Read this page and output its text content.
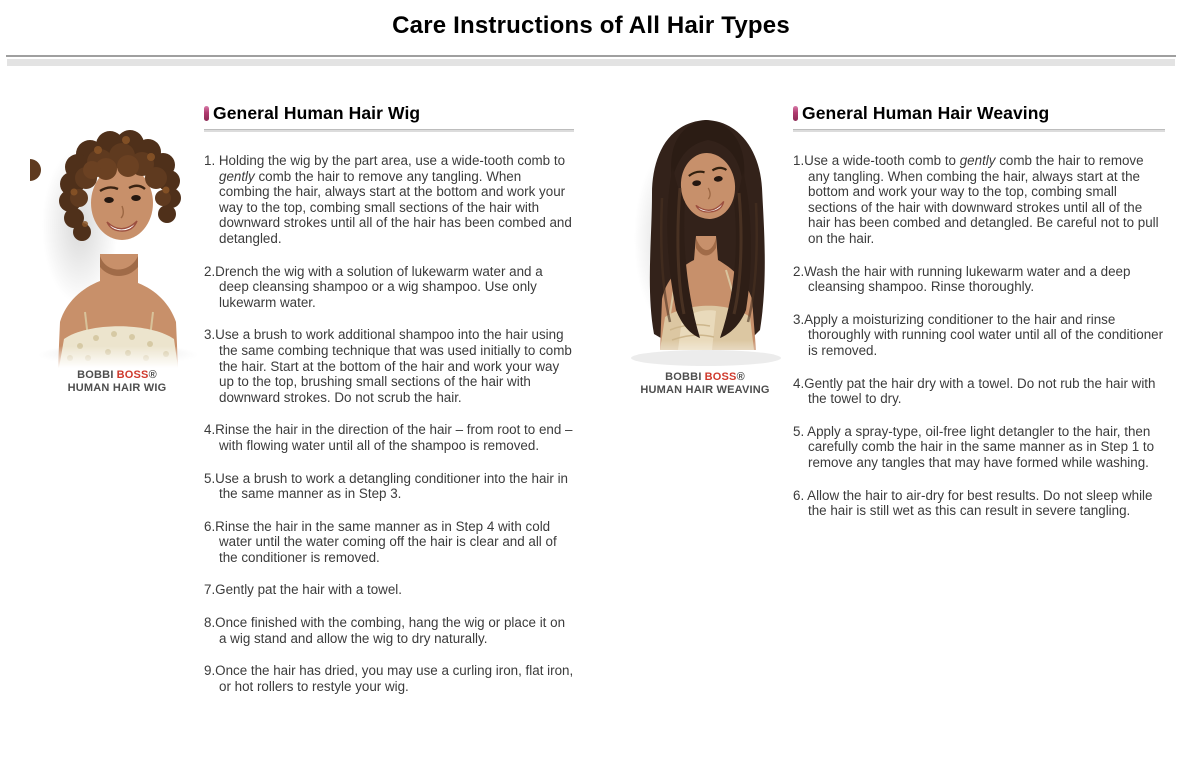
Care Instructions of All Hair Types
BOBBI BOSS®
HUMAN HAIR WIG
General Human Hair Wig
1. Holding the wig by the part area, use a wide-tooth comb to gently comb the hair to remove any tangling. When combing the hair, always start at the bottom and work your way to the top, combing small sections of the hair with downward strokes until all of the hair has been combed and detangled.
2.Drench the wig with a solution of lukewarm water and a deep cleansing shampoo or a wig shampoo. Use only lukewarm water.
3.Use a brush to work additional shampoo into the hair using the same combing technique that was used initially to comb the hair. Start at the bottom of the hair and work your way up to the top, brushing small sections of the hair with downward strokes. Do not scrub the hair.
4.Rinse the hair in the direction of the hair – from root to end – with flowing water until all of the shampoo is removed.
5.Use a brush to work a detangling conditioner into the hair in the same manner as in Step 3.
6.Rinse the hair in the same manner as in Step 4 with cold water until the water coming off the hair is clear and all of the conditioner is removed.
7.Gently pat the hair with a towel.
8.Once finished with the combing, hang the wig or place it on a wig stand and allow the wig to dry naturally.
9.Once the hair has dried, you may use a curling iron, flat iron, or hot rollers to restyle your wig.
BOBBI BOSS®
HUMAN HAIR WEAVING
General Human Hair Weaving
1.Use a wide-tooth comb to gently comb the hair to remove any tangling. When combing the hair, always start at the bottom and work your way to the top, combing small sections of the hair with downward strokes until all of the hair has been combed and detangled. Be careful not to pull on the hair.
2.Wash the hair with running lukewarm water and a deep cleansing shampoo. Rinse thoroughly.
3.Apply a moisturizing conditioner to the hair and rinse thoroughly with running cool water until all of the conditioner is removed.
4.Gently pat the hair dry with a towel. Do not rub the hair with the towel to dry.
5. Apply a spray-type, oil-free light detangler to the hair, then carefully comb the hair in the same manner as in Step 1 to remove any tangles that may have formed while washing.
6. Allow the hair to air-dry for best results. Do not sleep while the hair is still wet as this can result in severe tangling.
